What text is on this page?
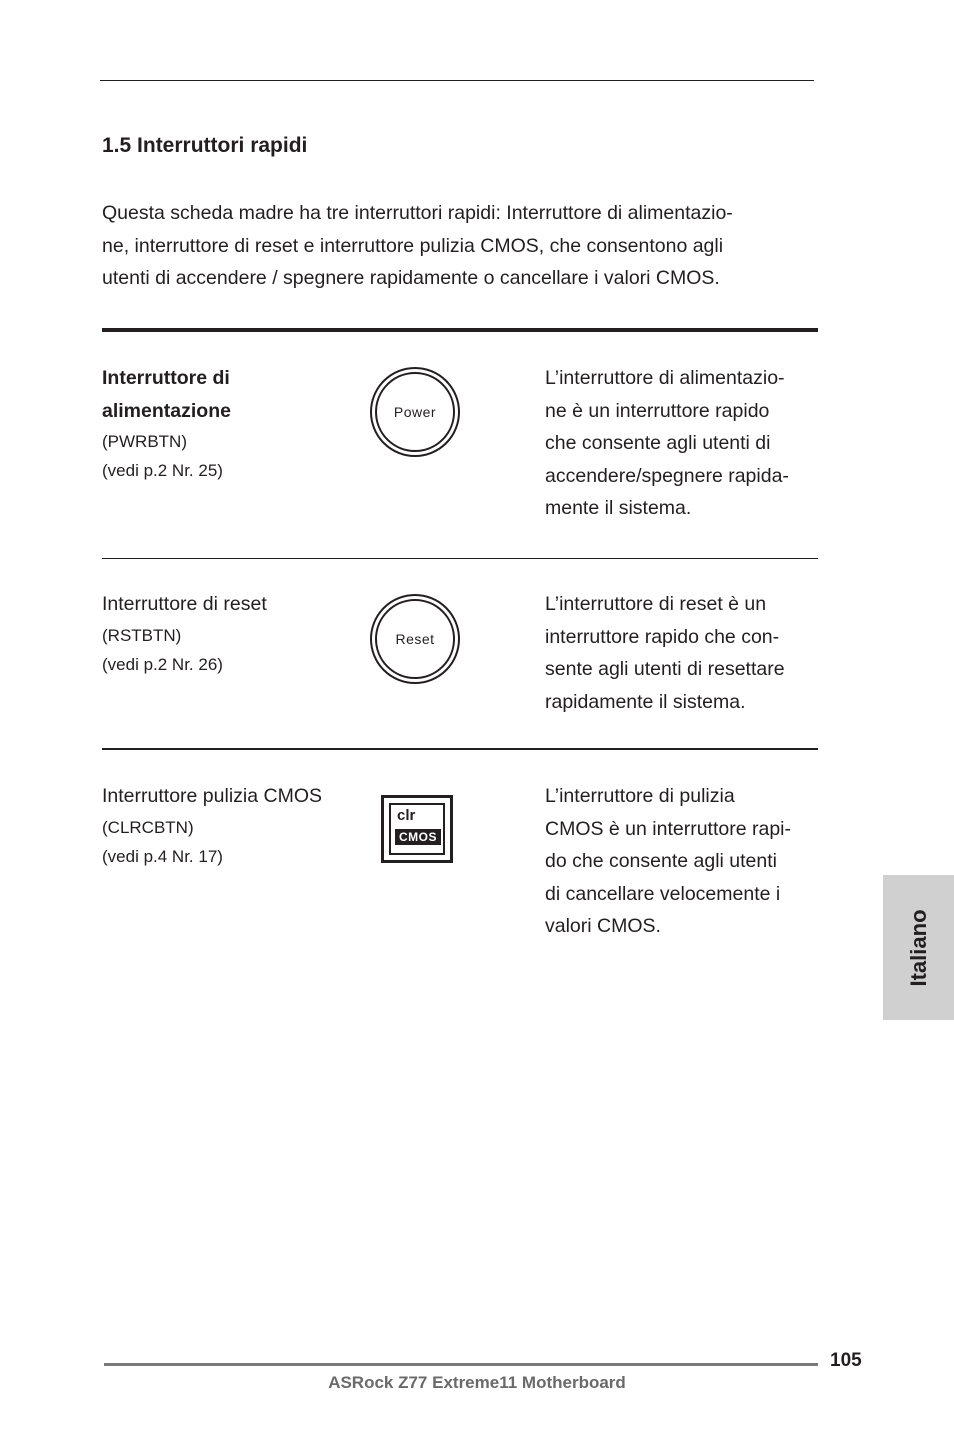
1.5 Interruttori rapidi

Questa scheda madre ha tre interruttori rapidi: Interruttore di alimentazio-
ne, interruttore di reset e interruttore pulizia CMOS, che consentono agli
utenti di accendere / spegnere rapidamente o cancellare i valori CMOS.

Interruttore di

alimentazione

(PWRBTN)

(vedi p.2 Nr. 25)

Power

L’interruttore di alimentazio-
ne è un interruttore rapido
che consente agli utenti di
accendere/spegnere rapida-
mente il sistema.

Interruttore di reset

(RSTBTN)

(vedi p.2 Nr. 26)

Reset

L’interruttore di reset è un
interruttore rapido che con-
sente agli utenti di resettare
rapidamente il sistema.

Interruttore pulizia CMOS

(CLRCBTN)

(vedi p.4 Nr. 17)

clr
CMOS

L’interruttore di pulizia
CMOS è un interruttore rapi-
do che consente agli utenti
di cancellare velocemente i
valori CMOS.	Italiano
105
ASRock Z77 Extreme11 Motherboard
